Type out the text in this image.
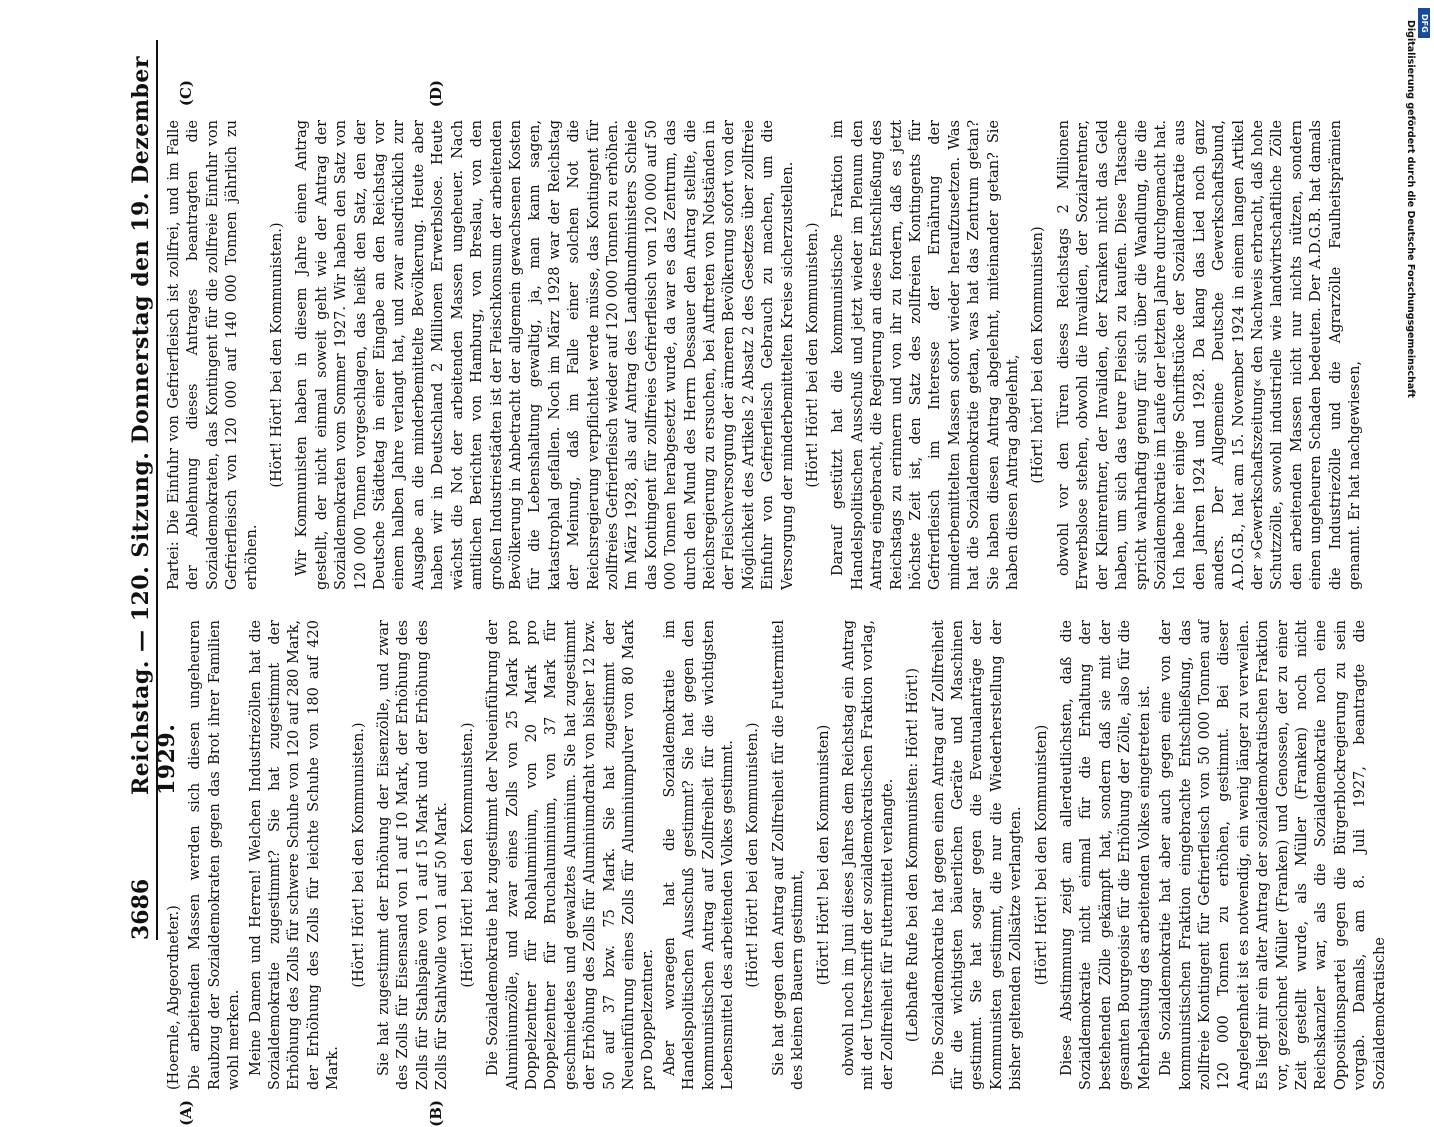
3686
Reichstag. — 120. Sitzung. Donnerstag den 19. Dezember 1929.

(Hoernle, Abgeordneter.) Die arbeitenden Massen werden sich diesen ungeheuren Raubzug der Sozialdemokraten gegen das Brot ihrer Familien wohl merken. Meine Damen und Herren! Welchen Industriezöllen hat die Sozialdemokratie zugestimmt? Sie hat zugestimmt der Erhöhung des Zolls für schwere Schuhe von 120 auf 280 Mark, der Erhöhung des Zolls für leichte Schuhe von 180 auf 420 Mark.

(Hört! Hört! bei den Kommunisten.) Sie hat zugestimmt der Erhöhung der Eisenzölle, und zwar des Zolls für Eisensand von 1 auf 10 Mark, der Erhöhung des Zolls für Stahlspäne von 1 auf 15 Mark und der Erhöhung des Zolls für Stahlwolle von 1 auf 50 Mark. (Hört! Hört! bei den Kommunisten.) Die Sozialdemokratie hat zugestimmt der Neueinführung der Aluminiumzölle, und zwar eines Zolls von 25 Mark pro Doppelzentner für Rohaluminium, von 20 Mark pro Doppelzentner für Bruchaluminium, von 37 Mark für geschmiedetes und gewalztes Aluminium. Sie hat zugestimmt der Erhöhung des Zolls für Aluminiumdraht von bisher 12 bzw. 50 auf 37 bzw. 75 Mark. Sie hat zugestimmt der Neueinführung eines Zolls für Aluminiumpulver von 80 Mark pro Doppelzentner. Aber woraegen hat die Sozialdemokratie im Handelspolitischen Ausschuß gestimmt? Sie hat gegen den kommunistischen Antrag auf Zollfreiheit für die wichtigsten Lebensmittel des arbeitenden Volkes gestimmt. (Hört! Hört! bei den Kommunisten.) Sie hat gegen den Antrag auf Zollfreiheit für die Futtermittel des kleinen Bauern gestimmt, (Hört! Hört! bei den Kommunisten) obwohl noch im Juni dieses Jahres dem Reichstag ein Antrag mit der Unterschrift der sozialdemokratischen Fraktion vorlag, der Zollfreiheit für Futtermittel verlangte. (Lebhafte Rufe bei den Kommunisten: Hört! Hört!) Die Sozialdemokratie hat gegen einen Antrag auf Zollfreiheit für die wichtigsten bäuerlichen Geräte und Maschinen gestimmt. Sie hat sogar gegen die Eventualanträge der Kommunisten gestimmt, die nur die Wiederherstellung der bisher geltenden Zollsätze verlangten. (Hört! Hört! bei den Kommunisten) Diese Abstimmung zeigt am allerdeutlichsten, daß die Sozialdemokratie nicht einmal für die Erhaltung der bestehenden Zölle gekämpft hat, sondern daß sie mit der gesamten Bourgeoisie für die Erhöhung der Zölle, also für die Mehrbelastung des arbeitenden Volkes eingetreten ist. Die Sozialdemokratie hat aber auch gegen eine von der kommunistischen Fraktion eingebrachte Entschließung, das zollfreie Kontingent für Gefrierfleisch von 50 000 Tonnen auf 120 000 Tonnen zu erhöhen, gestimmt. Bei dieser Angelegenheit ist es notwendig, ein wenig länger zu verweilen. Es liegt mir ein alter Antrag der sozialdemokratischen Fraktion vor, gezeichnet Müller (Franken) und Genossen, der zu einer Zeit gestellt wurde, als Müller (Franken) noch nicht Reichskanzler war, als die Sozialdemokratie noch eine Oppositionspartei gegen die Bürgerblockregierung zu sein vorgab. Damals, am 8. Juli 1927, beantragte die Sozialdemokratische

Partei: Die Einfuhr von Gefrierfleisch ist zollfrei, und im Falle der Ablehnung dieses Antrages beantragten die Sozialdemokraten, das Kontingent für die zollfreie Einfuhr von Gefrierfleisch von 120 000 auf 140 000 Tonnen jährlich zu erhöhen.

(Hört! Hört! bei den Kommunisten.) Wir Kommunisten haben in diesem Jahre einen Antrag gestellt, der nicht einmal soweit geht wie der Antrag der Sozialdemokraten vom Sommer 1927. Wir haben den Satz von 120 000 Tonnen vorgeschlagen, das heißt den Satz, den der Deutsche Städtetag in einer Eingabe an den Reichstag vor einem halben Jahre verlangt hat, und zwar ausdrücklich zur Ausgabe an die minderbemittelte Bevölkerung. Heute aber haben wir in Deutschland 2 Millionen Erwerbslose. Heute wächst die Not der arbeitenden Massen ungeheuer. Nach amtlichen Berichten von Hamburg, von Breslau, von den großen Industriestädten ist der Fleischkonsum der arbeitenden Bevölkerung in Anbetracht der allgemein gewachsenen Kosten für die Lebenshaltung gewaltig, ja, man kann sagen, katastrophal gefallen. Noch im März 1928 war der Reichstag der Meinung, daß im Falle einer solchen Not die Reichsregierung verpflichtet werde müsse, das Kontingent für zollfreies Gefrierfleisch wieder auf 120 000 Tonnen zu erhöhen. Im März 1928, als auf Antrag des Landbundministers Schiele das Kontingent für zollfreies Gefrierfleisch von 120 000 auf 50 000 Tonnen herabgesetzt wurde, da war es das Zentrum, das durch den Mund des Herrn Dessauer den Antrag stellte, die Reichsregierung zu ersuchen, bei Auftreten von Notständen in der Fleischversorgung der ärmeren Bevölkerung sofort von der Möglichkeit des Artikels 2 Absatz 2 des Gesetzes über zollfreie Einfuhr von Gefrierfleisch Gebrauch zu machen, um die Versorgung der minderbemittelten Kreise sicherzustellen. (Hört! Hört! bei den Kommunisten.) Darauf gestützt hat die kommunistische Fraktion im Handelspolitischen Ausschuß und jetzt wieder im Plenum den Antrag eingebracht, die Regierung an diese Entschließung des Reichstags zu erinnern und von ihr zu fordern, daß es jetzt höchste Zeit ist, den Satz des zollfreien Kontingents für Gefrierfleisch im Interesse der Ernährung der minderbemittelten Massen sofort wieder heraufzusetzen. Was hat die Sozialdemokratie getan, was hat das Zentrum getan? Sie haben diesen Antrag abgelehnt, miteinander getan? Sie haben diesen Antrag abgelehnt, (Hört! hört! bei den Kommunisten) obwohl vor den Türen dieses Reichstags 2 Millionen Erwerbslose stehen, obwohl die Invaliden, der Sozialrentner, der Kleinrentner, der Invaliden, der Kranken nicht das Geld haben, um sich das teure Fleisch zu kaufen. Diese Tatsache spricht wahrhaftig genug für sich über die Wandlung, die die Sozialdemokratie im Laufe der letzten Jahre durchgemacht hat. Ich habe hier einige Schriftstücke der Sozialdemokratie aus den Jahren 1924 und 1928. Da klang das Lied noch ganz anders. Der Allgemeine Deutsche Gewerkschaftsbund, A.D.G.B., hat am 15. November 1924 in einem langen Artikel der »Gewerkschaftszeitung« den Nachweis erbracht, daß hohe Schutzzölle, sowohl industrielle wie landwirtschaftliche Zölle den arbeitenden Massen nicht nur nichts nützen, sondern einen ungeheuren Schaden bedeuten. Der A.D.G.B. hat damals die Industriezölle und die Agrarzölle Faulheitsprämien genannt. Er hat nachgewiesen,

(A)	(B)
(C)	(D)	Digitalisierung gefördert durch die Deutsche Forschungsgemeinschaft DFG
